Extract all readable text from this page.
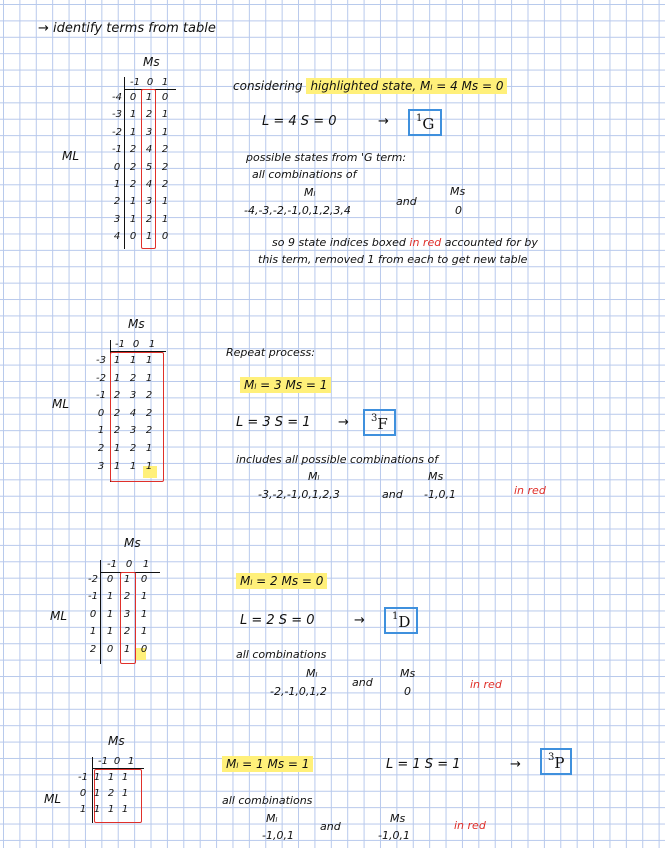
→ identify terms from table
Ms
ML
-1 0 1
-4 0 1 0
-3 1 2 1
-2 1 3 1
-1 2 4 2
0 2 5 2
1 2 4 2
2 1 3 1
3 1 2 1
4 0 1 0
considering highlighted state, Mₗ = 4 Ms = 0
L = 4 S = 0	→	$^1$G
possible states from 'G term:
all combinations of
Mₗ
-4,-3,-2,-1,0,1,2,3,4
and
Ms
0
so 9 state indices boxed in red accounted for by
this term, removed 1 from each to get new table
Ms
ML
-1 0 1
-3 1 1 1
-2 1 2 1
-1 2 3 2
0 2 4 2
1 2 3 2
2 1 2 1
3 1 1 1
Repeat process:
Mₗ = 3 Ms = 1
L = 3 S = 1 →	$^3$F
includes all possible combinations of
Mₗ
-3,-2,-1,0,1,2,3	and
Ms
-1,0,1	in red
Ms
ML
-1 0	1
-2 0	1	0
-1 1	2	1
0	1	3	1
1	1	2	1
2	0	1	0
Mₗ = 2 Ms = 0
L = 2 S = 0	→	$^1$D
all combinations
Mₗ
-2,-1,0,1,2
and
Ms
0
in red
Ms
ML
-1 0 1
-1 1 1 1
0 1 2 1
1 1 1 1
Mₗ = 1 Ms = 1	L = 1 S = 1	→	$^3$P
all combinations
Mₗ
-1,0,1
and
Ms
-1,0,1
in red
